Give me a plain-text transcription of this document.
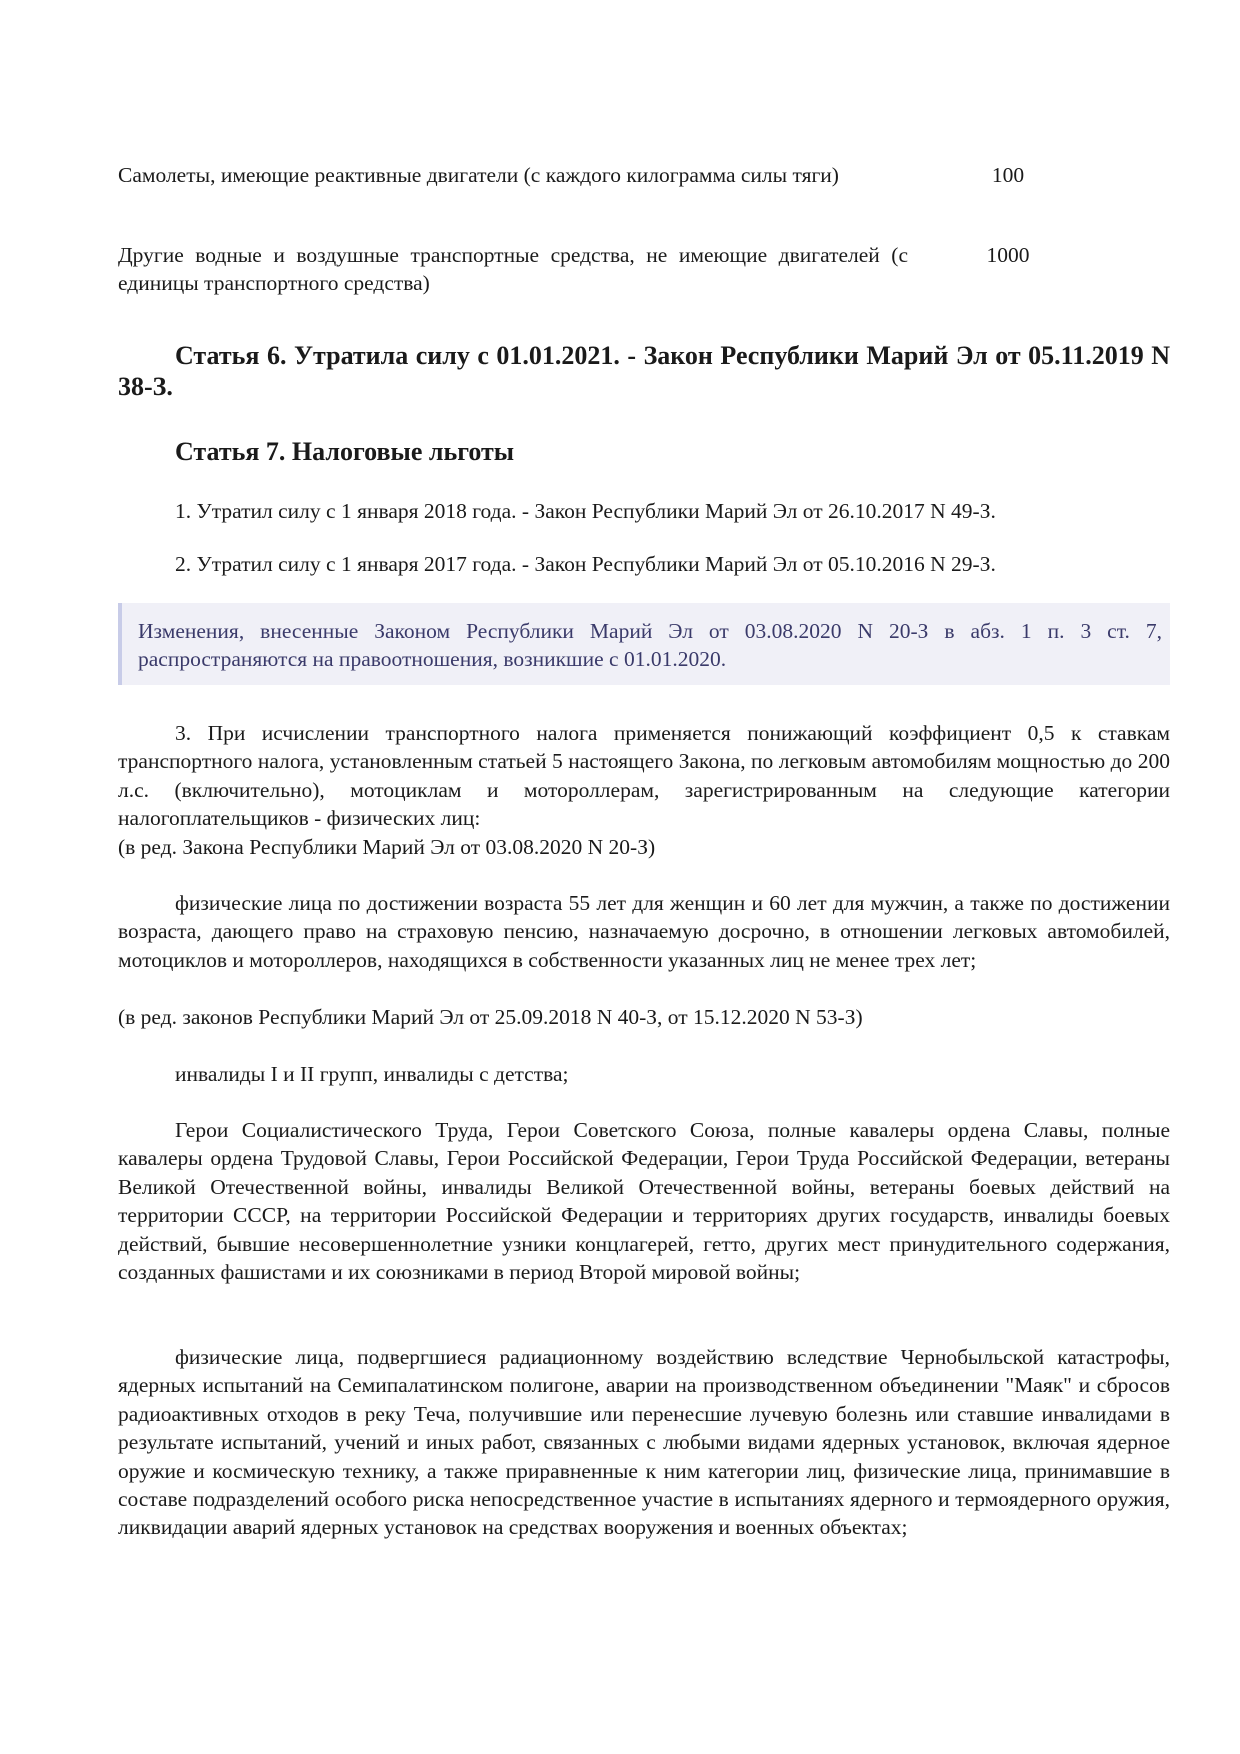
Самолеты, имеющие реактивные двигатели (с каждого килограмма силы тяги)	100
Другие водные и воздушные транспортные средства, не имеющие двигателей (с единицы транспортного средства)
1000
Статья 6. Утратила силу с 01.01.2021. - Закон Республики Марий Эл от 05.11.2019 N 38-З.
Статья 7. Налоговые льготы
1. Утратил силу с 1 января 2018 года. - Закон Республики Марий Эл от 26.10.2017 N 49-З.
2. Утратил силу с 1 января 2017 года. - Закон Республики Марий Эл от 05.10.2016 N 29-З.
Изменения, внесенные Законом Республики Марий Эл от 03.08.2020 N 20-З в абз. 1 п. 3 ст. 7, распространяются на правоотношения, возникшие с 01.01.2020.
3. При исчислении транспортного налога применяется понижающий коэффициент 0,5 к ставкам транспортного налога, установленным статьей 5 настоящего Закона, по легковым автомобилям мощностью до 200 л.с. (включительно), мотоциклам и мотороллерам, зарегистрированным на следующие категории налогоплательщиков - физических лиц:
(в ред. Закона Республики Марий Эл от 03.08.2020 N 20-З)
физические лица по достижении возраста 55 лет для женщин и 60 лет для мужчин, а также по достижении возраста, дающего право на страховую пенсию, назначаемую досрочно, в отношении легковых автомобилей, мотоциклов и мотороллеров, находящихся в собственности указанных лиц не менее трех лет;
(в ред. законов Республики Марий Эл от 25.09.2018 N 40-З, от 15.12.2020 N 53-З)
инвалиды I и II групп, инвалиды с детства;
Герои Социалистического Труда, Герои Советского Союза, полные кавалеры ордена Славы, полные кавалеры ордена Трудовой Славы, Герои Российской Федерации, Герои Труда Российской Федерации, ветераны Великой Отечественной войны, инвалиды Великой Отечественной войны, ветераны боевых действий на территории СССР, на территории Российской Федерации и территориях других государств, инвалиды боевых действий, бывшие несовершеннолетние узники концлагерей, гетто, других мест принудительного содержания, созданных фашистами и их союзниками в период Второй мировой войны;
физические лица, подвергшиеся радиационному воздействию вследствие Чернобыльской катастрофы, ядерных испытаний на Семипалатинском полигоне, аварии на производственном объединении "Маяк" и сбросов радиоактивных отходов в реку Теча, получившие или перенесшие лучевую болезнь или ставшие инвалидами в результате испытаний, учений и иных работ, связанных с любыми видами ядерных установок, включая ядерное оружие и космическую технику, а также приравненные к ним категории лиц, физические лица, принимавшие в составе подразделений особого риска непосредственное участие в испытаниях ядерного и термоядерного оружия, ликвидации аварий ядерных установок на средствах вооружения и военных объектах;
